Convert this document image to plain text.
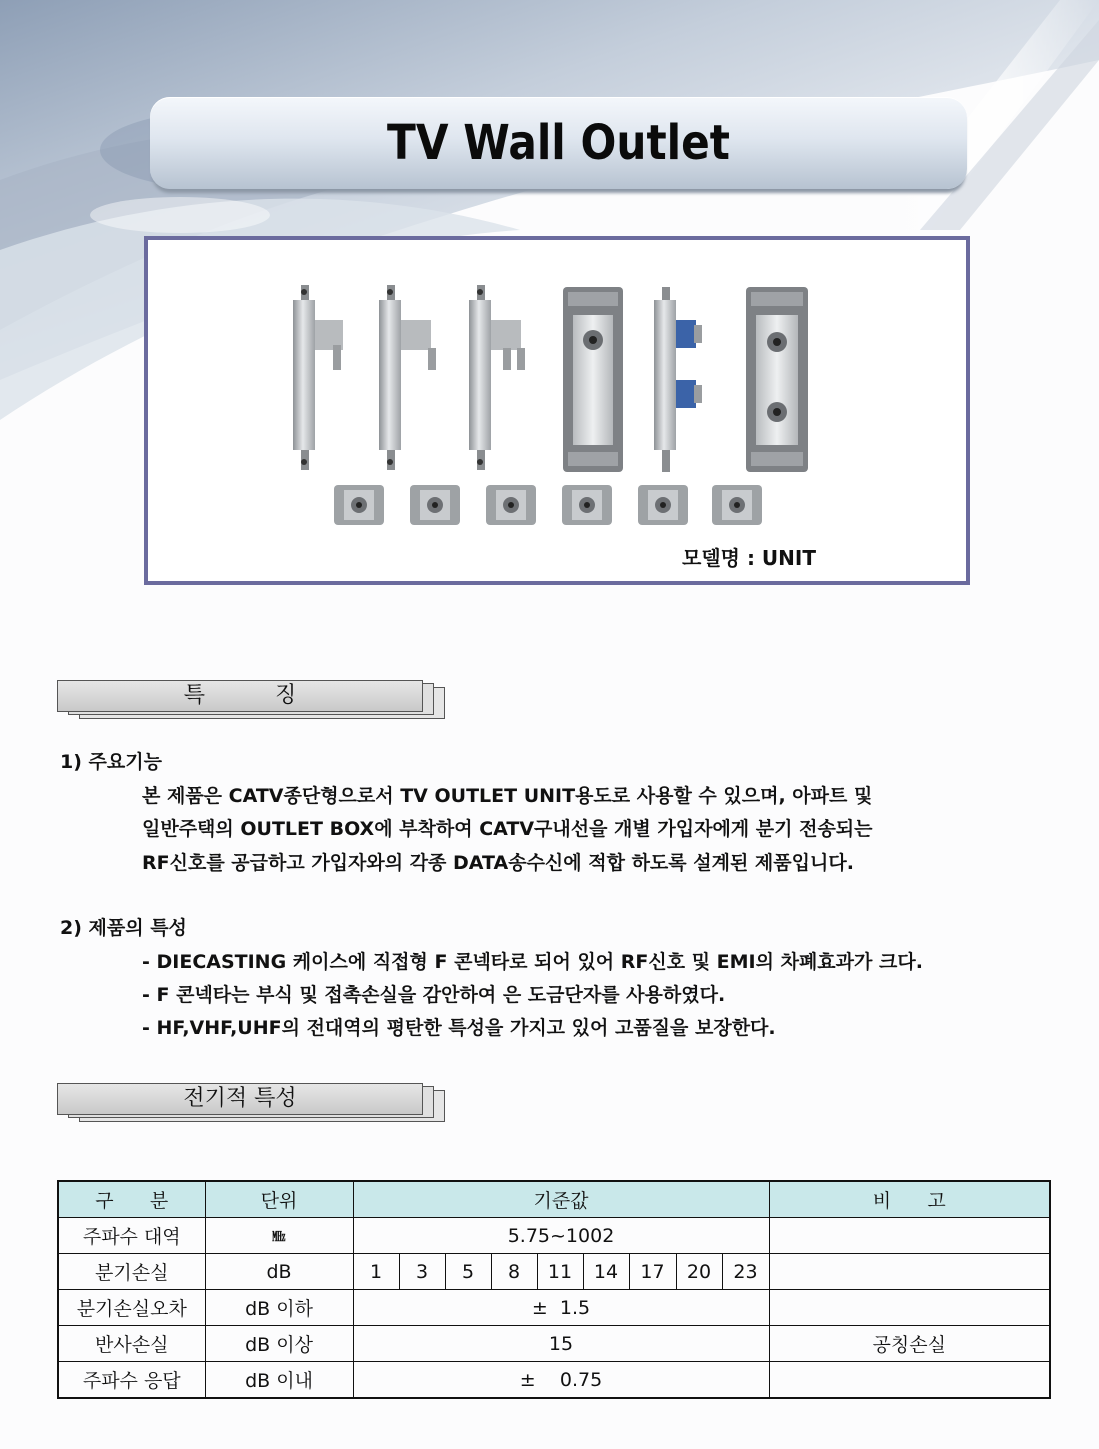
TV Wall Outlet
모델명 : UNIT
특          징
1) 주요기능
본 제품은 CATV종단형으로서 TV OUTLET UNIT용도로 사용할 수 있으며, 아파트 및
일반주택의 OUTLET BOX에 부착하여 CATV구내선을 개별 가입자에게 분기 전송되는
RF신호를 공급하고 가입자와의 각종 DATA송수신에 적합 하도록 설계된 제품입니다.
2) 제품의 특성
- DIECASTING 케이스에 직접형 F 콘넥타로 되어 있어 RF신호 및 EMI의 차폐효과가 크다.
- F 콘넥타는 부식 및 접촉손실을 감안하여 은 도금단자를 사용하였다.
- HF,VHF,UHF의 전대역의 평탄한 특성을 가지고 있어 고품질을 보장한다.
전기적 특성
구      분	단위	기준값									비      고
주파수 대역	㎒	5.75~1002									
분기손실	dB	1	3	5	8	11	14	17	20	23	
분기손실오차	dB 이하	±  1.5									
반사손실	dB 이상	15									공칭손실
주파수 응답	dB 이내	±    0.75									
